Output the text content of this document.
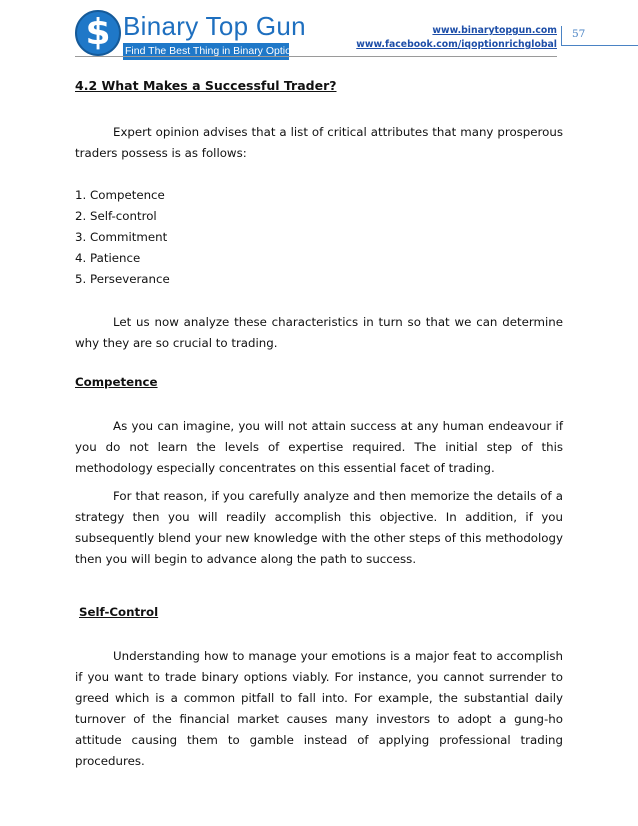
$ Binary Top Gun
Find The Best Thing in Binary Options
www.binarytopgun.com
www.facebook.com/iqoptionrichglobal
57
4.2 What Makes a Successful Trader?
Expert opinion advises that a list of critical attributes that many prosperous traders possess is as follows:
1. Competence
2. Self-control
3. Commitment
4. Patience
5. Perseverance
Let us now analyze these characteristics in turn so that we can determine why they are so crucial to trading.
Competence
As you can imagine, you will not attain success at any human endeavour if you do not learn the levels of expertise required. The initial step of this methodology especially concentrates on this essential facet of trading.
For that reason, if you carefully analyze and then memorize the details of a strategy then you will readily accomplish this objective. In addition, if you subsequently blend your new knowledge with the other steps of this methodology then you will begin to advance along the path to success.
Self-Control
Understanding how to manage your emotions is a major feat to accomplish if you want to trade binary options viably. For instance, you cannot surrender to greed which is a common pitfall to fall into. For example, the substantial daily turnover of the financial market causes many investors to adopt a gung-ho attitude causing them to gamble instead of applying professional trading procedures.
